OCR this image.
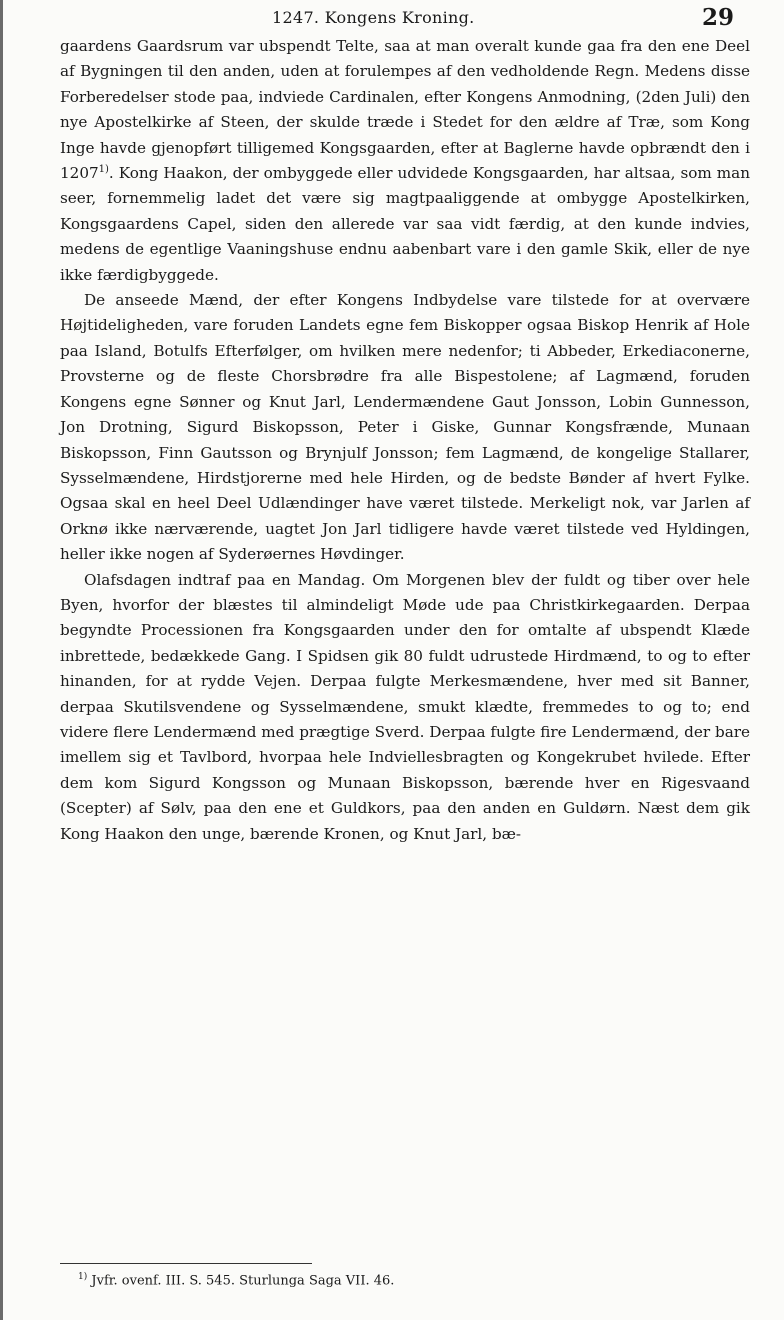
1247. Kongens Kroning.	29

gaardens Gaardsrum var ubspendt Telte, saa at man overalt kunde gaa fra den ene Deel af Bygningen til den anden, uden at forulempes af den vedholdende Regn. Medens disse Forberedelser stode paa, indviede Cardinalen, efter Kongens Anmodning, (2den Juli) den nye Apostelkirke af Steen, der skulde træde i Stedet for den ældre af Træ, som Kong Inge havde gjenopført tilligemed Kongsgaarden, efter at Baglerne havde opbrændt den i 1207$^{1)}$. Kong Haakon, der ombyggede eller udvidede Kongsgaarden, har altsaa, som man seer, fornemmelig ladet det være sig magtpaaliggende at ombygge Apostelkirken, Kongsgaardens Capel, siden den allerede var saa vidt færdig, at den kunde indvies, medens de egentlige Vaaningshuse endnu aabenbart vare i den gamle Skik, eller de nye ikke færdigbyggede.

De anseede Mænd, der efter Kongens Indbydelse vare tilstede for at overvære Højtideligheden, vare foruden Landets egne fem Biskopper ogsaa Biskop Henrik af Hole paa Island, Botulfs Efterfølger, om hvilken mere nedenfor; ti Abbeder, Erkediaconerne, Provsterne og de fleste Chorsbrødre fra alle Bispestolene; af Lagmænd, foruden Kongens egne Sønner og Knut Jarl, Lendermændene Gaut Jonsson, Lobin Gunnesson, Jon Drotning, Sigurd Biskopsson, Peter i Giske, Gunnar Kongsfrænde, Munaan Biskopsson, Finn Gautsson og Brynjulf Jonsson; fem Lagmænd, de kongelige Stallarer, Sysselmændene, Hirdstjorerne med hele Hirden, og de bedste Bønder af hvert Fylke. Ogsaa skal en heel Deel Udlændinger have været tilstede. Merkeligt nok, var Jarlen af Orknø ikke nærværende, uagtet Jon Jarl tidligere havde været tilstede ved Hyldingen, heller ikke nogen af Syderøernes Høvdinger.

Olafsdagen indtraf paa en Mandag. Om Morgenen blev der fuldt og tiber over hele Byen, hvorfor der blæstes til almindeligt Møde ude paa Christkirkegaarden. Derpaa begyndte Processionen fra Kongsgaarden under den for omtalte af ubspendt Klæde inbrettede, bedækkede Gang. I Spidsen gik 80 fuldt udrustede Hirdmænd, to og to efter hinanden, for at rydde Vejen. Derpaa fulgte Merkesmændene, hver med sit Banner, derpaa Skutilsvendene og Sysselmændene, smukt klædte, fremmedes to og to; end videre flere Lendermænd med prægtige Sverd. Derpaa fulgte fire Lendermænd, der bare imellem sig et Tavlbord, hvorpaa hele Indviellesbragten og Kongekrubet hvilede. Efter dem kom Sigurd Kongsson og Munaan Biskopsson, bærende hver en Rigesvaand (Scepter) af Sølv, paa den ene et Guldkors, paa den anden en Guldørn. Næst dem gik Kong Haakon den unge, bærende Kronen, og Knut Jarl, bæ-

$^{1)}$ Jvfr. ovenf. III. S. 545. Sturlunga Saga VII. 46.
